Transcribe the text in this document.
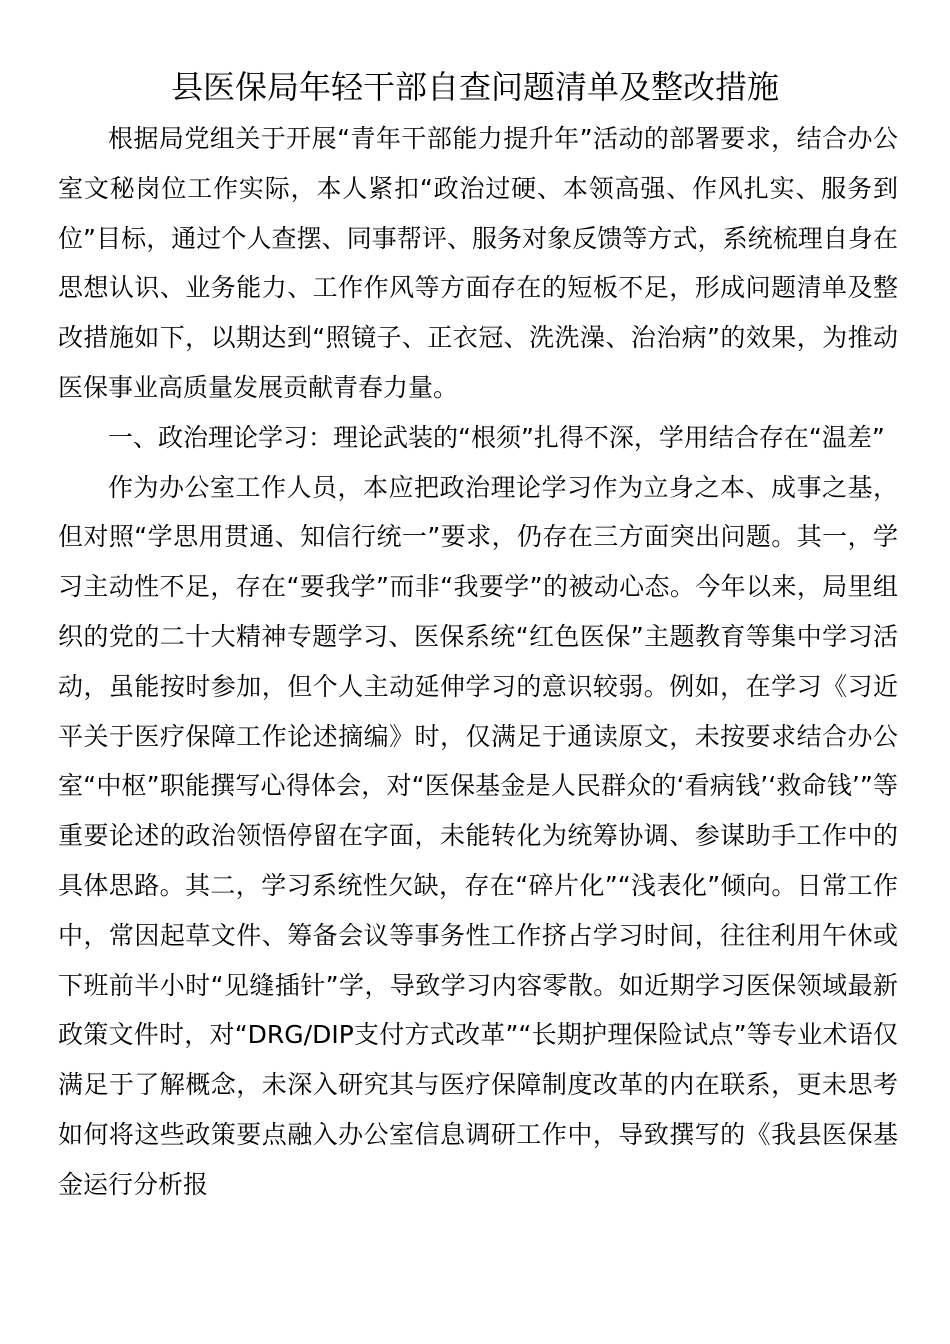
县医保局年轻干部自查问题清单及整改措施

根据局党组关于开展“青年干部能力提升年”活动的部署要求，结合办公室文秘岗位工作实际，本人紧扣“政治过硬、本领高强、作风扎实、服务到位”目标，通过个人查摆、同事帮评、服务对象反馈等方式，系统梳理自身在思想认识、业务能力、工作作风等方面存在的短板不足，形成问题清单及整改措施如下，以期达到“照镜子、正衣冠、洗洗澡、治治病”的效果，为推动医保事业高质量发展贡献青春力量。

一、政治理论学习：理论武装的“根须”扎得不深，学用结合存在“温差”

作为办公室工作人员，本应把政治理论学习作为立身之本、成事之基，但对照“学思用贯通、知信行统一”要求，仍存在三方面突出问题。其一，学习主动性不足，存在“要我学”而非“我要学”的被动心态。今年以来，局里组织的党的二十大精神专题学习、医保系统“红色医保”主题教育等集中学习活动，虽能按时参加，但个人主动延伸学习的意识较弱。例如，在学习《习近平关于医疗保障工作论述摘编》时，仅满足于通读原文，未按要求结合办公室“中枢”职能撰写心得体会，对“医保基金是人民群众的‘看病钱’‘救命钱’”等重要论述的政治领悟停留在字面，未能转化为统筹协调、参谋助手工作中的具体思路。其二，学习系统性欠缺，存在“碎片化”“浅表化”倾向。日常工作中，常因起草文件、筹备会议等事务性工作挤占学习时间，往往利用午休或下班前半小时“见缝插针”学，导致学习内容零散。如近期学习医保领域最新政策文件时，对“DRG/DIP支付方式改革”“长期护理保险试点”等专业术语仅满足于了解概念，未深入研究其与医疗保障制度改革的内在联系，更未思考如何将这些政策要点融入办公室信息调研工作中，导致撰写的《我县医保基金运行分析报
